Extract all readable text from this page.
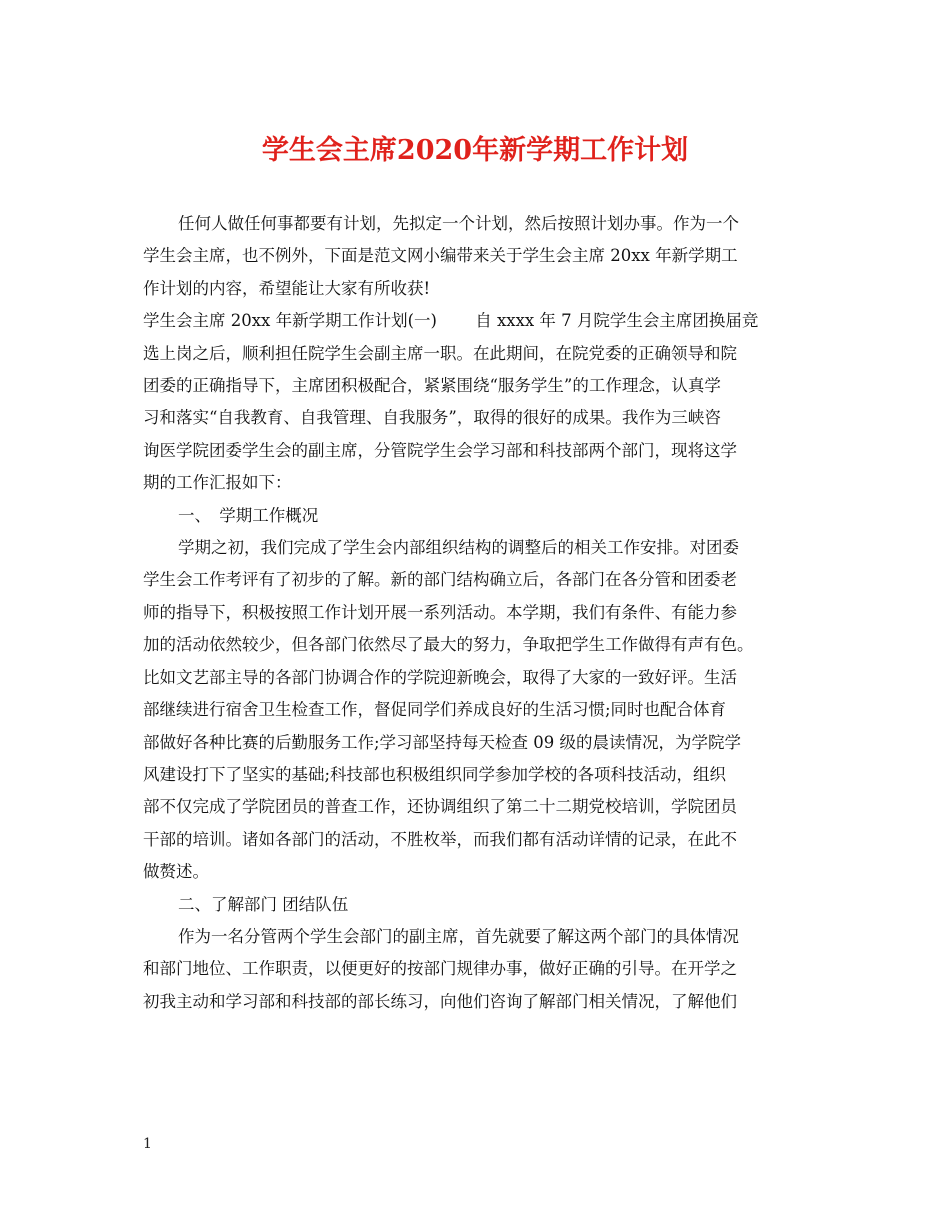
学生会主席2020年新学期工作计划
任何人做任何事都要有计划，先拟定一个计划，然后按照计划办事。作为一个
学生会主席，也不例外，下面是范文网小编带来关于学生会主席 20xx 年新学期工
作计划的内容，希望能让大家有所收获!
学生会主席 20xx 年新学期工作计划(一)　　 自 xxxx 年 7 月院学生会主席团换届竞
选上岗之后，顺利担任院学生会副主席一职。在此期间，在院党委的正确领导和院
团委的正确指导下，主席团积极配合，紧紧围绕“服务学生”的工作理念，认真学
习和落实“自我教育、自我管理、自我服务”，取得的很好的成果。我作为三峡咨
询医学院团委学生会的副主席，分管院学生会学习部和科技部两个部门，现将这学
期的工作汇报如下：
一、　学期工作概况
学期之初，我们完成了学生会内部组织结构的调整后的相关工作安排。对团委
学生会工作考评有了初步的了解。新的部门结构确立后，各部门在各分管和团委老
师的指导下，积极按照工作计划开展一系列活动。本学期，我们有条件、有能力参
加的活动依然较少，但各部门依然尽了最大的努力，争取把学生工作做得有声有色。
比如文艺部主导的各部门协调合作的学院迎新晚会，取得了大家的一致好评。生活
部继续进行宿舍卫生检查工作，督促同学们养成良好的生活习惯;同时也配合体育
部做好各种比赛的后勤服务工作;学习部坚持每天检查 09 级的晨读情况，为学院学
风建设打下了坚实的基础;科技部也积极组织同学参加学校的各项科技活动，组织
部不仅完成了学院团员的普查工作，还协调组织了第二十二期党校培训，学院团员
干部的培训。诸如各部门的活动，不胜枚举，而我们都有活动详情的记录，在此不
做赘述。
二、了解部门 团结队伍
作为一名分管两个学生会部门的副主席，首先就要了解这两个部门的具体情况
和部门地位、工作职责，以便更好的按部门规律办事，做好正确的引导。在开学之
初我主动和学习部和科技部的部长练习，向他们咨询了解部门相关情况，了解他们
1
